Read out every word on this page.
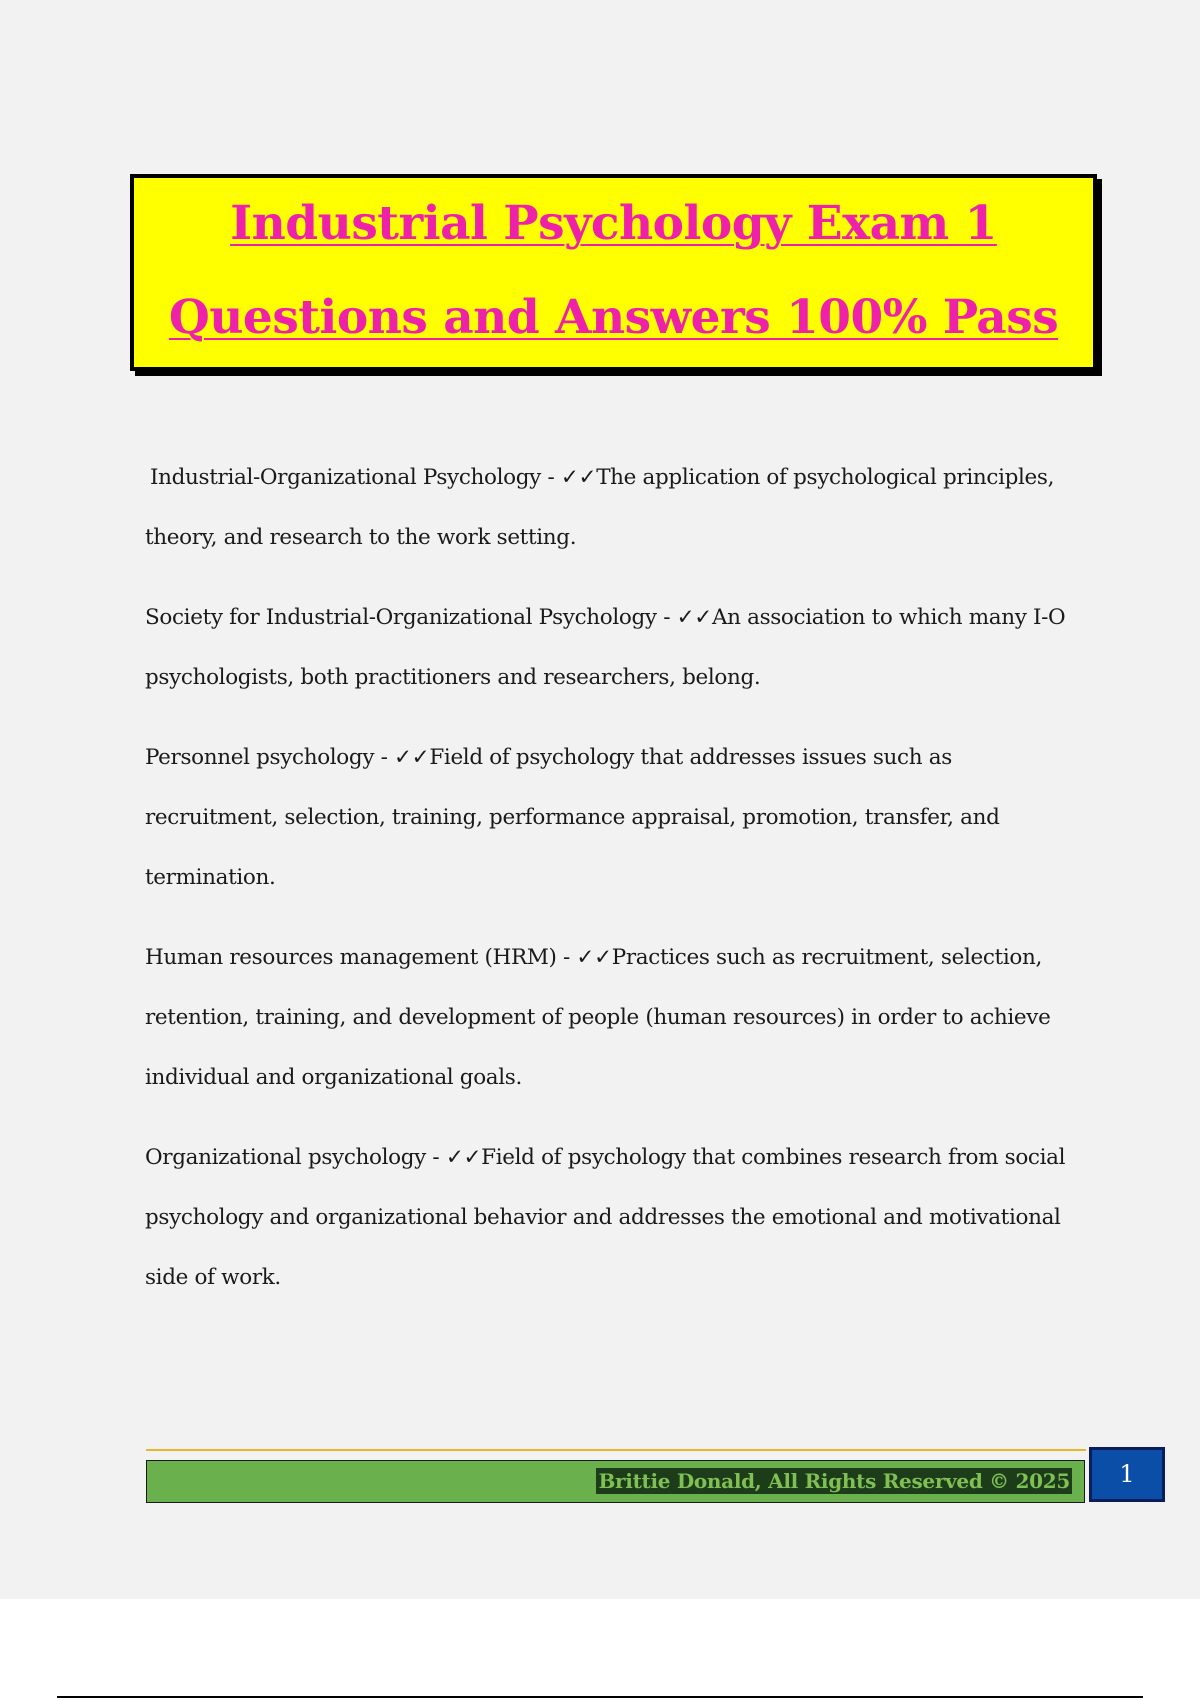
Industrial Psychology Exam 1
Questions and Answers 100% Pass

Industrial-Organizational Psychology - ✓✓The application of psychological principles, theory, and research to the work setting.

Society for Industrial-Organizational Psychology - ✓✓An association to which many I-O psychologists, both practitioners and researchers, belong.

Personnel psychology - ✓✓Field of psychology that addresses issues such as recruitment, selection, training, performance appraisal, promotion, transfer, and termination.

Human resources management (HRM) - ✓✓Practices such as recruitment, selection, retention, training, and development of people (human resources) in order to achieve individual and organizational goals.

Organizational psychology - ✓✓Field of psychology that combines research from social psychology and organizational behavior and addresses the emotional and motivational side of work.

Brittie Donald, All Rights Reserved © 2025	1
